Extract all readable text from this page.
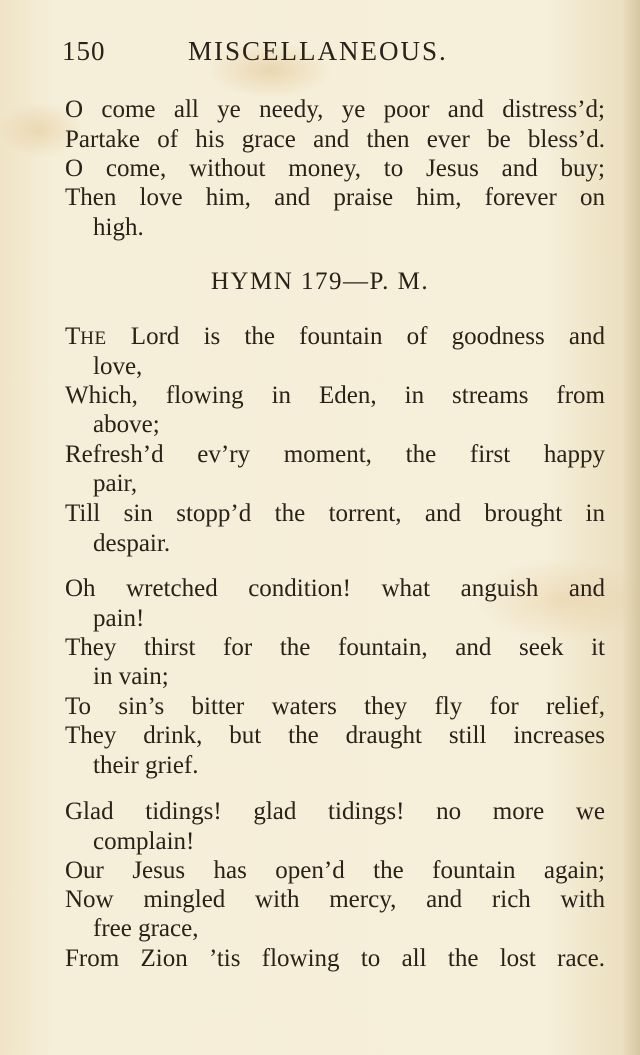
150	MISCELLANEOUS.
O come all ye needy, ye poor and distress’d;
Partake of his grace and then ever be bless’d.
O come, without money, to Jesus and buy;
Then love him, and praise him, forever on
high.
HYMN 179—P. M.
THE Lord is the fountain of goodness and
love,
Which, flowing in Eden, in streams from
above;
Refresh’d ev’ry moment, the first happy
pair,
Till sin stopp’d the torrent, and brought in
despair.
Oh wretched condition! what anguish and
pain!
They thirst for the fountain, and seek it
in vain;
To sin’s bitter waters they fly for relief,
They drink, but the draught still increases
their grief.
Glad tidings! glad tidings! no more we
complain!
Our Jesus has open’d the fountain again;
Now mingled with mercy, and rich with
free grace,
From Zion ’tis flowing to all the lost race.
